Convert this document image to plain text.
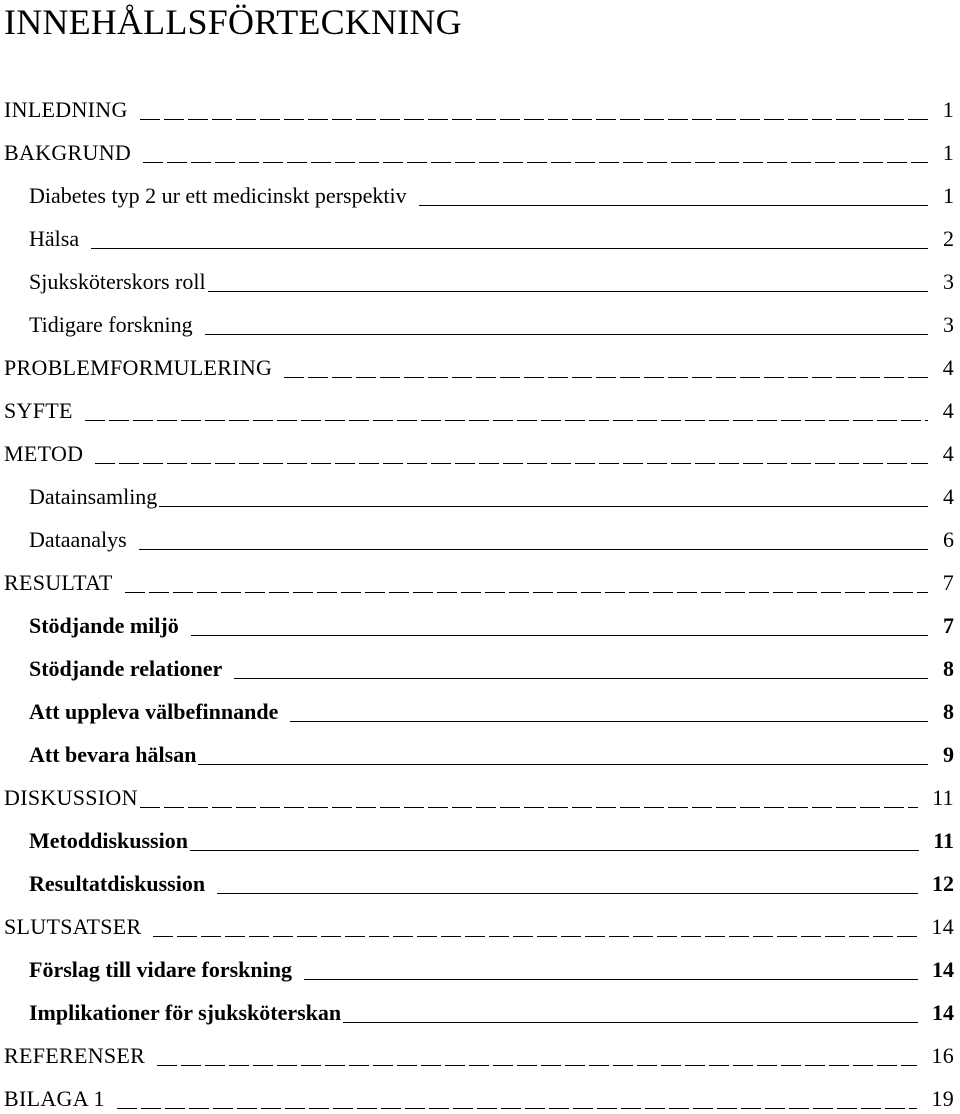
INNEHÅLLSFÖRTECKNING
INLEDNING	1
BAKGRUND	1
Diabetes typ 2 ur ett medicinskt perspektiv	1
Hälsa	2
Sjuksköterskors roll	3
Tidigare forskning	3
PROBLEMFORMULERING	4
SYFTE	4
METOD	4
Datainsamling	4
Dataanalys	6
RESULTAT	7
Stödjande miljö	7
Stödjande relationer	8
Att uppleva välbefinnande	8
Att bevara hälsan	9
DISKUSSION	11
Metoddiskussion	11
Resultatdiskussion	12
SLUTSATSER	14
Förslag till vidare forskning	14
Implikationer för sjuksköterskan	14
REFERENSER	16
BILAGA 1	19
